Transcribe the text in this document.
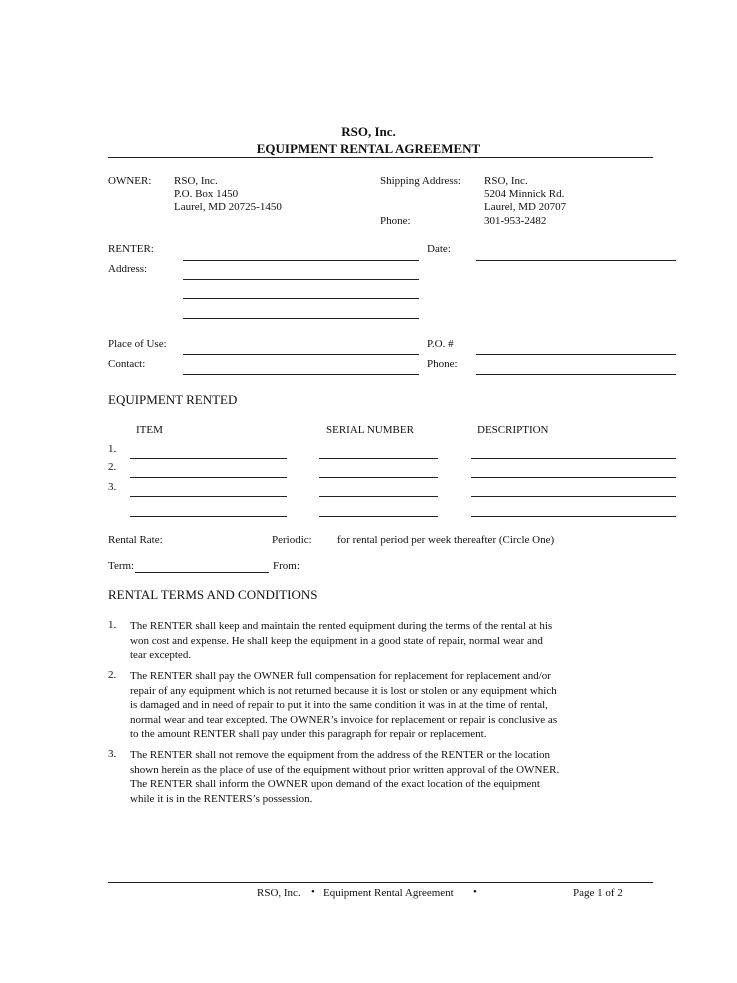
RSO, Inc.
EQUIPMENT RENTAL AGREEMENT
OWNER: RSO, Inc.
P.O. Box 1450
Laurel, MD 20725-1450
Shipping Address: RSO, Inc.
5204 Minnick Rd.
Laurel, MD 20707
Phone:	301-953-2482
RENTER:	Date:
Address:
Place of Use:	P.O. #
Contact:	Phone:
EQUIPMENT RENTED
ITEM	SERIAL NUMBER	DESCRIPTION
1.
2.
3.
Rental Rate:	Periodic: for rental period per week thereafter (Circle One)
Term:	From:
RENTAL TERMS AND CONDITIONS
1. The RENTER shall keep and maintain the rented equipment during the terms of the rental at his
won cost and expense. He shall keep the equipment in a good state of repair, normal wear and
tear excepted.
2. The RENTER shall pay the OWNER full compensation for replacement for replacement and/or
repair of any equipment which is not returned because it is lost or stolen or any equipment which
is damaged and in need of repair to put it into the same condition it was in at the time of rental,
normal wear and tear excepted. The OWNER’s invoice for replacement or repair is conclusive as
to the amount RENTER shall pay under this paragraph for repair or replacement.
3. The RENTER shall not remove the equipment from the address of the RENTER or the location
shown herein as the place of use of the equipment without prior written approval of the OWNER.
The RENTER shall inform the OWNER upon demand of the exact location of the equipment
while it is in the RENTERS’s possession.
RSO, Inc. • Equipment Rental Agreement •	Page 1 of 2
